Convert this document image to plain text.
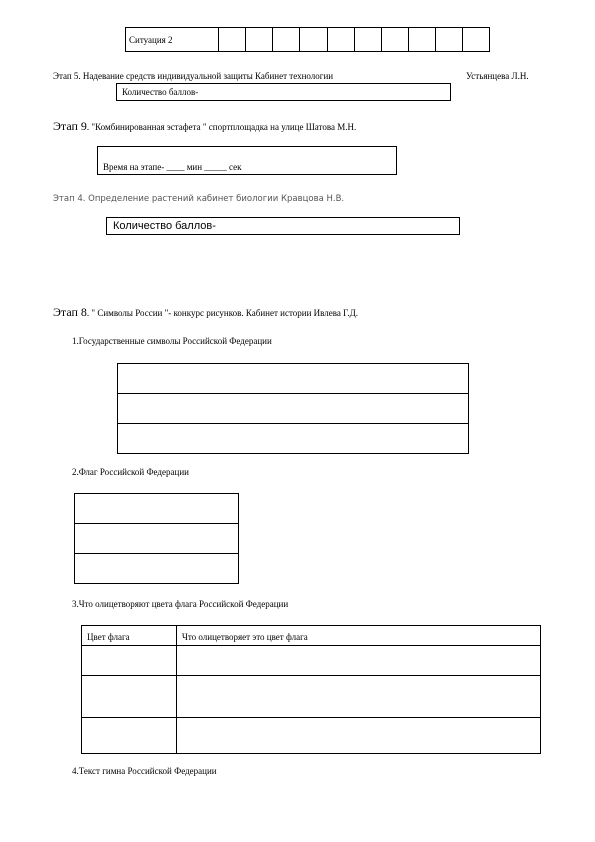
Ситуация 2										
Этап 5. Надевание средств индивидуальной защиты Кабинет технологии	Устьянцева Л.Н.
Количество баллов-
Этап 9. "Комбинированная эстафета " спортплощадка на улице Шатова М.Н.
Время на этапе- ____ мин _____ сек
Этап 4. Определение растений кабинет биологии Кравцова Н.В.
Количество баллов-
Этап 8. " Символы России "- конкурс рисунков. Кабинет истории Ивлева Г.Д.
1.Государственные символы Российской Федерации

2.Флаг Российской Федерации

3.Что олицетворяют цвета флага Российской Федерации
Цвет флага	Что олицетворяет это цвет флага

4.Текст гимна Российской Федерации
